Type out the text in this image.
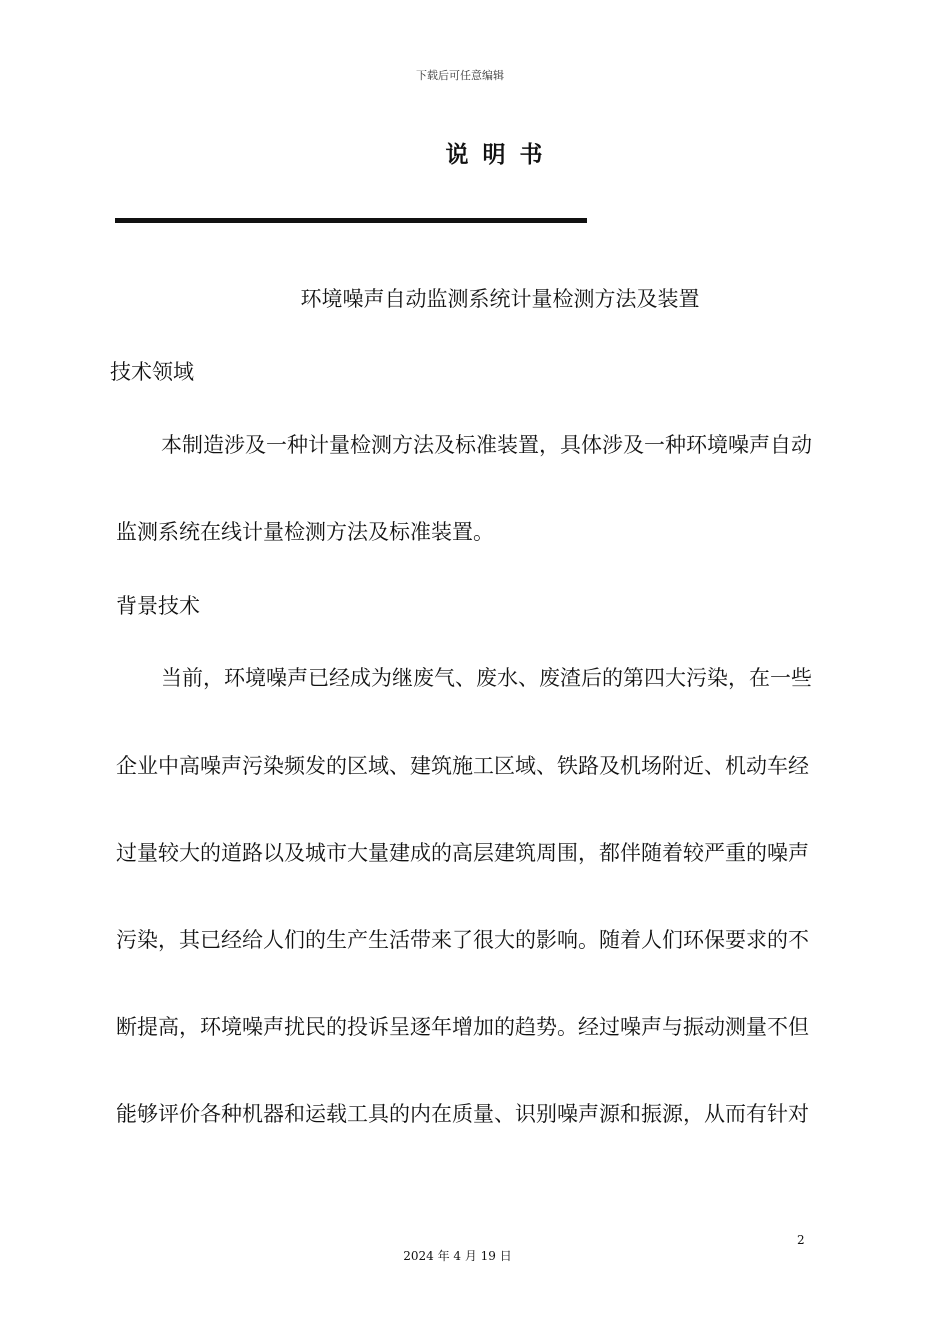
下载后可任意编辑
说明书
环境噪声自动监测系统计量检测方法及装置
技术领域
本制造涉及一种计量检测方法及标准装置，具体涉及一种环境噪声自动
监测系统在线计量检测方法及标准装置。
背景技术
当前，环境噪声已经成为继废气、废水、废渣后的第四大污染，在一些
企业中高噪声污染频发的区域、建筑施工区域、铁路及机场附近、机动车经
过量较大的道路以及城市大量建成的高层建筑周围，都伴随着较严重的噪声
污染，其已经给人们的生产生活带来了很大的影响。随着人们环保要求的不
断提高，环境噪声扰民的投诉呈逐年增加的趋势。经过噪声与振动测量不但
能够评价各种机器和运载工具的内在质量、识别噪声源和振源，从而有针对
2
2024 年 4 月 19 日
